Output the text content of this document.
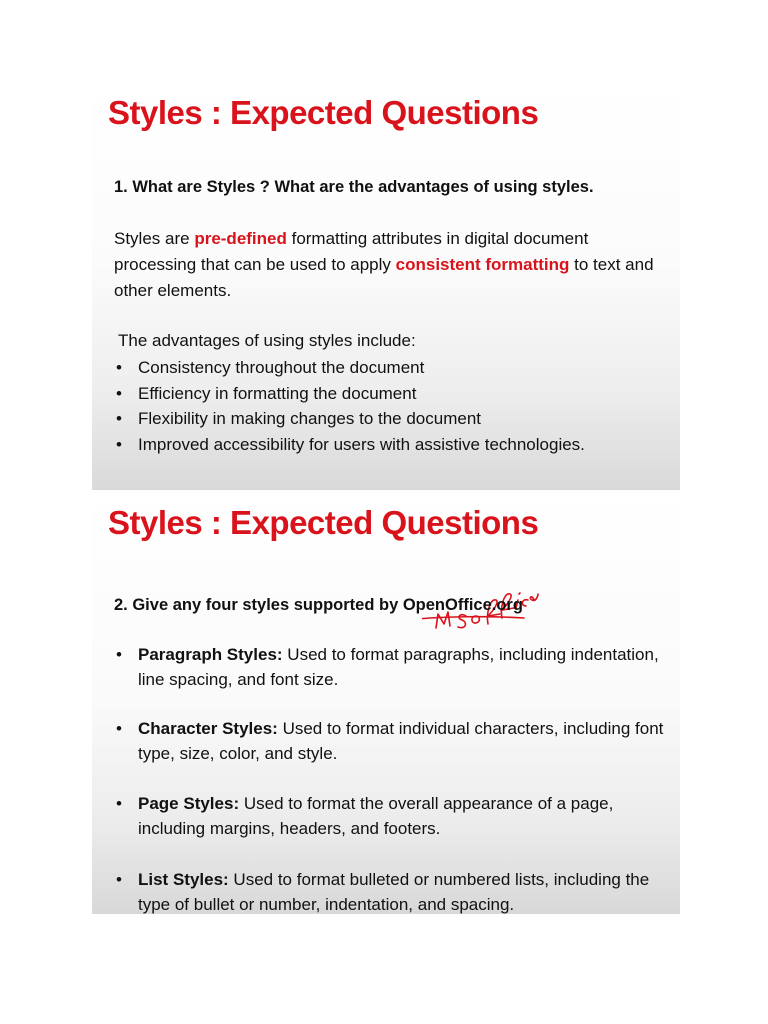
Styles : Expected Questions
1. What are Styles ? What are the advantages of using styles.
Styles are pre-defined formatting attributes in digital document processing that can be used to apply consistent formatting to text and other elements.
The advantages of using styles include:
• Consistency throughout the document
• Efficiency in formatting the document
• Flexibility in making changes to the document
• Improved accessibility for users with assistive technologies.
Styles : Expected Questions
MSoffice
2. Give any four styles supported by OpenOffice.org
• Paragraph Styles: Used to format paragraphs, including indentation, line spacing, and font size.
• Character Styles: Used to format individual characters, including font type, size, color, and style.
• Page Styles: Used to format the overall appearance of a page, including margins, headers, and footers.
• List Styles: Used to format bulleted or numbered lists, including the type of bullet or number, indentation, and spacing.
